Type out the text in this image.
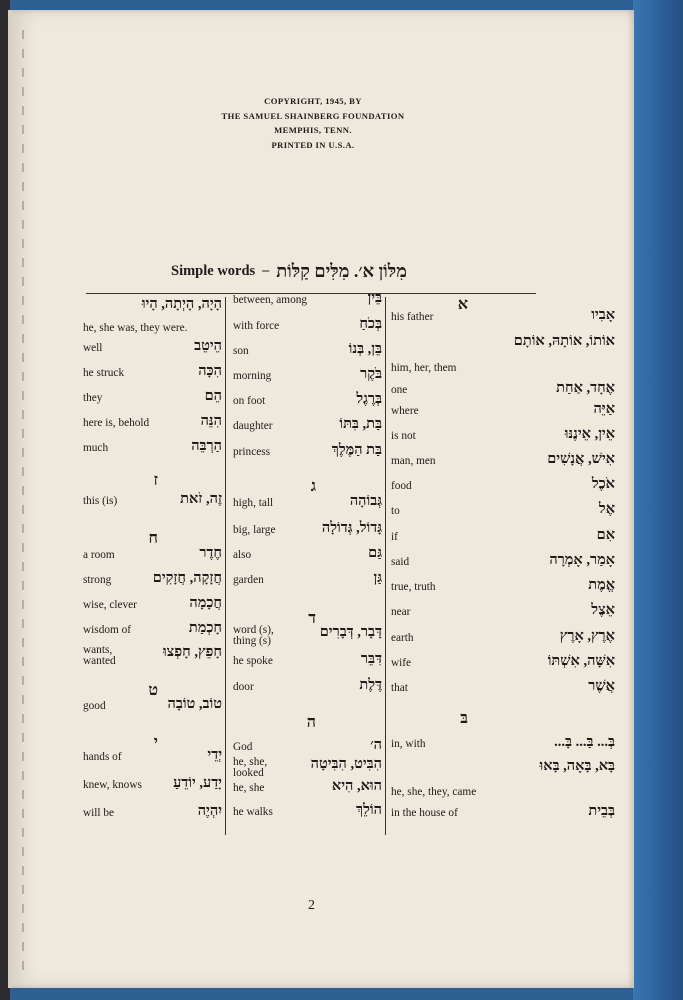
COPYRIGHT, 1945, BY
THE SAMUEL SHAINBERG FOUNDATION
MEMPHIS, TENN.
PRINTED IN U.S.A.
Simple words – מִלּוֹן א׳. מִלִּים קַלּוֹת
א
his father	אָבִיו
אוֹתוֹ, אוֹתָהּ, אוֹתָם
him, her, them
one	אֶחָד, אַחַת
where	אַיֵּה
is not	אֵין, אֵינֶנּוּ
man, men	אִישׁ, אֲנָשִׁים
food	אֹכֶל
to	אֶל
if	אִם
said	אָמַר, אָמְרָה
true, truth	אֱמֶת
near	אֵצֶל
earth	אֶרֶץ, אָרֶץ
wife	אִשָּׁה, אִשְׁתּוֹ
that	אֲשֶׁר
בּ
in, with	בְּ... בַּ... בָּ...
בָּא, בָּאָה, בָּאוּ
he, she, they, came
in the house of	בְּבֵית
between, among	בֵּין
with force	בְּכֹחַ
son	בֵּן, בְּנוֹ
morning	בֹּקֶר
on foot	בְּרֶגֶל
daughter	בַּת, בִּתּוֹ
princess	בַּת הַמֶּלֶךְ
ג
high, tall	גְּבוֹהָה
big, large	גָּדוֹל, גְּדוֹלָה
also	גַּם
garden	גַּן
ד
word (s), thing (s)
דָּבָר, דְּבָרִים
he spoke	דִּבֵּר
door	דֶּלֶת
ה
God	ה׳
he, she, looked
הִבִּיט, הִבִּיטָה
he, she	הוּא, הִיא
he walks	הוֹלֵךְ
הָיָה, הָיְתָה, הָיוּ
he, she was, they were.
well	הֵיטֵב
he struck	הִכָּה
they	הֵם
here is, behold	הִנֵּה
much	הַרְבֵּה
ז
this (is)	זֶה, זֹאת
ח
a room	חֶדֶר
strong	חֲזָקָה, חֲזָקִים
wise, clever	חֲכָמָה
wisdom of	חָכְמַת
wants, wanted
חָפֵץ, חָפְצוּ
ט
good	טוֹב, טוֹבָה
י
hands of	יְדֵי
knew, knows יָדַע, יוֹדֵעַ
will be	יִהְיֶה
2
